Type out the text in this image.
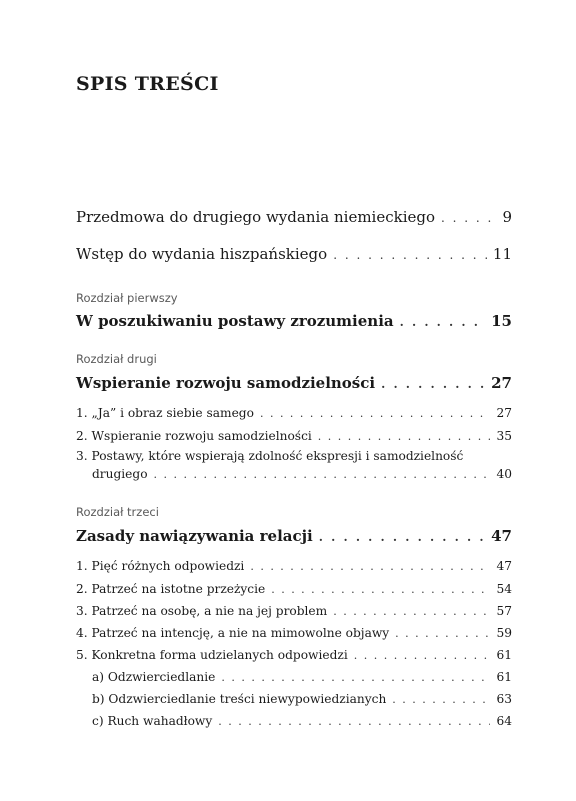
SPIS TREŚCI
Przedmowa do drugiego wydania niemieckiego . . .	9
Wstęp do wydania hiszpańskiego . . .	11
Rozdział pierwszy
W poszukiwaniu postawy zrozumienia . . .	15
Rozdział drugi
Wspieranie rozwoju samodzielności . . .	27
1. „Ja” i obraz siebie samego . . .	27
2. Wspieranie rozwoju samodzielności . . .	35
3. Postawy, które wspierają zdolność ekspresji i samodzielność
drugiego . . .	40
Rozdział trzeci
Zasady nawiązywania relacji . . .	47
1. Pięć różnych odpowiedzi . . .	47
2. Patrzeć na istotne przeżycie . . .	54
3. Patrzeć na osobę, a nie na jej problem . . .	57
4. Patrzeć na intencję, a nie na mimowolne objawy . . .	59
5. Konkretna forma udzielanych odpowiedzi . . .	61
a) Odzwierciedlanie . . .	61
b) Odzwierciedlanie treści niewypowiedzianych . . .	63
c) Ruch wahadłowy . . .	64
